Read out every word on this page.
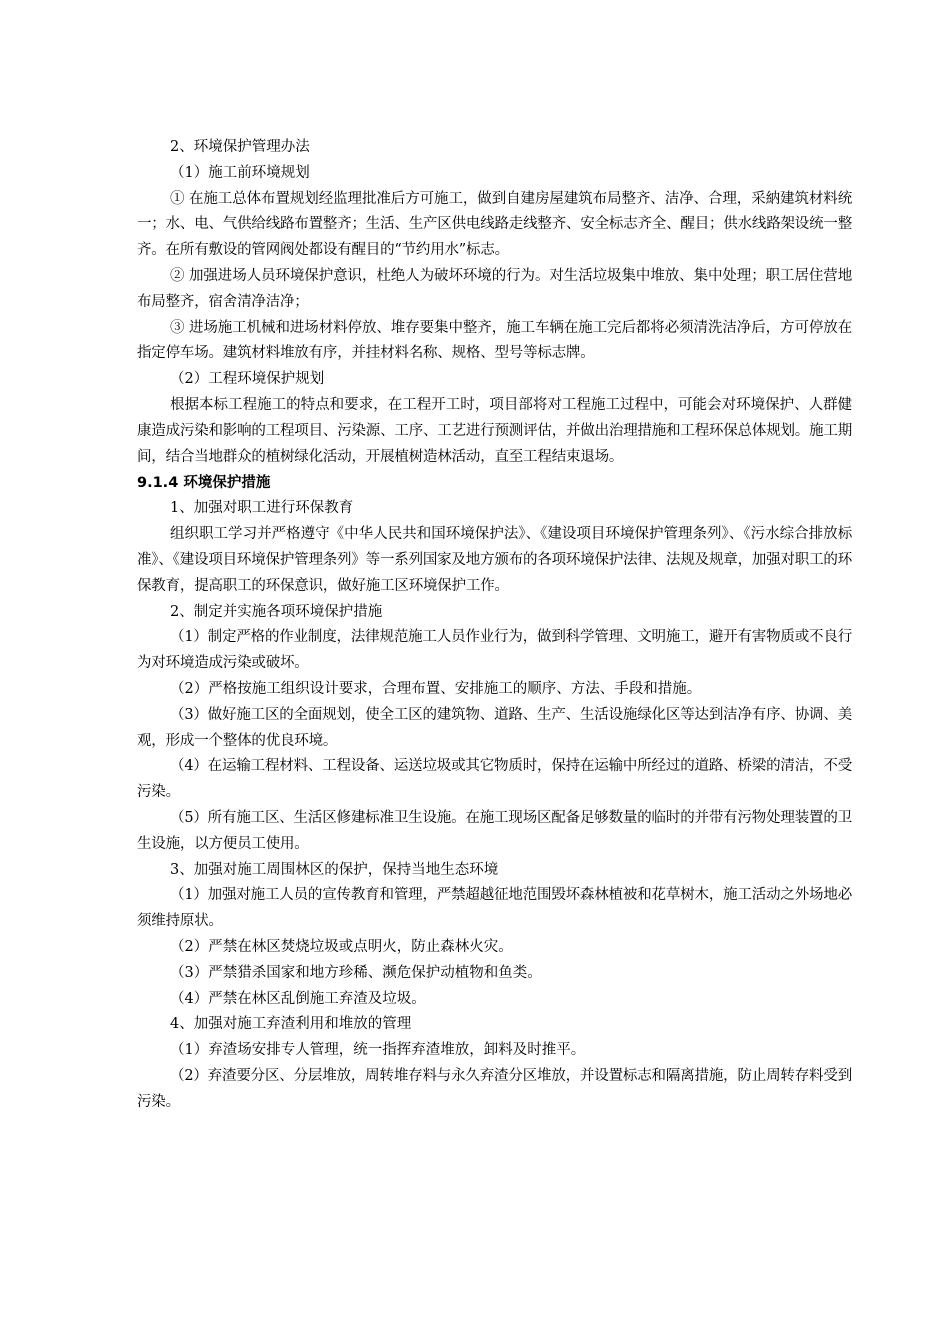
2、环境保护管理办法

（1）施工前环境规划

① 在施工总体布置规划经监理批准后方可施工，做到自建房屋建筑布局整齐、洁净、合理，采納建筑材料统一；水、电、气供给线路布置整齐；生活、生产区供电线路走线整齐、安全标志齐全、醒目；供水线路架设统一整齐。在所有敷设的管网阀处都设有醒目的“节约用水”标志。

② 加强进场人员环境保护意识，杜绝人为破坏环境的行为。对生活垃圾集中堆放、集中处理；职工居住营地布局整齐，宿舍清净洁净；

③ 进场施工机械和进场材料停放、堆存要集中整齐，施工车辆在施工完后都将必须清洗洁净后，方可停放在指定停车场。建筑材料堆放有序，并挂材料名称、规格、型号等标志牌。

（2）工程环境保护规划

根据本标工程施工的特点和要求，在工程开工时，项目部将对工程施工过程中，可能会对环境保护、人群健康造成污染和影响的工程项目、污染源、工序、工艺进行预测评估，并做出治理措施和工程环保总体规划。施工期间，结合当地群众的植树绿化活动，开展植树造林活动，直至工程结束退场。

9.1.4 环境保护措施

1、加强对职工进行环保教育

组织职工学习并严格遵守《中华人民共和国环境保护法》、《建设项目环境保护管理条列》、《污水综合排放标准》、《建设项目环境保护管理条列》等一系列国家及地方颁布的各项环境保护法律、法规及规章，加强对职工的环保教育，提高职工的环保意识，做好施工区环境保护工作。

2、制定并实施各项环境保护措施

（1）制定严格的作业制度，法律规范施工人员作业行为，做到科学管理、文明施工，避开有害物质或不良行为对环境造成污染或破坏。

（2）严格按施工组织设计要求，合理布置、安排施工的顺序、方法、手段和措施。

（3）做好施工区的全面规划，使全工区的建筑物、道路、生产、生活设施绿化区等达到洁净有序、协调、美观，形成一个整体的优良环境。

（4）在运输工程材料、工程设备、运送垃圾或其它物质时，保持在运输中所经过的道路、桥梁的清洁，不受污染。

（5）所有施工区、生活区修建标准卫生设施。在施工现场区配备足够数量的临时的并带有污物处理装置的卫生设施，以方便员工使用。

3、加强对施工周围林区的保护，保持当地生态环境

（1）加强对施工人员的宣传教育和管理，严禁超越征地范围毁坏森林植被和花草树木，施工活动之外场地必须维持原状。

（2）严禁在林区焚烧垃圾或点明火，防止森林火灾。

（3）严禁猎杀国家和地方珍稀、濒危保护动植物和鱼类。

（4）严禁在林区乱倒施工弃渣及垃圾。

4、加强对施工弃渣利用和堆放的管理

（1）弃渣场安排专人管理，统一指挥弃渣堆放，卸料及时推平。

（2）弃渣要分区、分层堆放，周转堆存料与永久弃渣分区堆放，并设置标志和隔离措施，防止周转存料受到污染。
